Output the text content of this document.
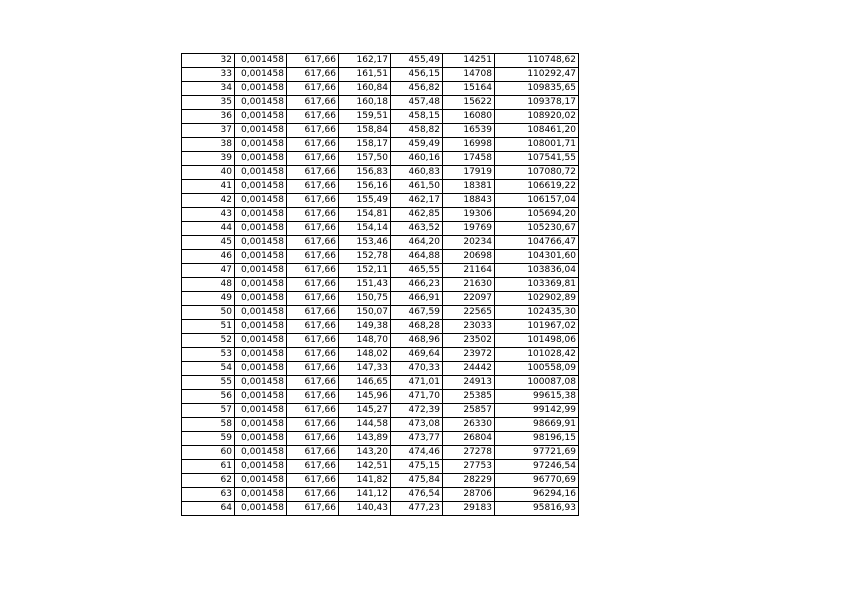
32	0,001458	617,66	162,17	455,49	14251	110748,62
33	0,001458	617,66	161,51	456,15	14708	110292,47
34	0,001458	617,66	160,84	456,82	15164	109835,65
35	0,001458	617,66	160,18	457,48	15622	109378,17
36	0,001458	617,66	159,51	458,15	16080	108920,02
37	0,001458	617,66	158,84	458,82	16539	108461,20
38	0,001458	617,66	158,17	459,49	16998	108001,71
39	0,001458	617,66	157,50	460,16	17458	107541,55
40	0,001458	617,66	156,83	460,83	17919	107080,72
41	0,001458	617,66	156,16	461,50	18381	106619,22
42	0,001458	617,66	155,49	462,17	18843	106157,04
43	0,001458	617,66	154,81	462,85	19306	105694,20
44	0,001458	617,66	154,14	463,52	19769	105230,67
45	0,001458	617,66	153,46	464,20	20234	104766,47
46	0,001458	617,66	152,78	464,88	20698	104301,60
47	0,001458	617,66	152,11	465,55	21164	103836,04
48	0,001458	617,66	151,43	466,23	21630	103369,81
49	0,001458	617,66	150,75	466,91	22097	102902,89
50	0,001458	617,66	150,07	467,59	22565	102435,30
51	0,001458	617,66	149,38	468,28	23033	101967,02
52	0,001458	617,66	148,70	468,96	23502	101498,06
53	0,001458	617,66	148,02	469,64	23972	101028,42
54	0,001458	617,66	147,33	470,33	24442	100558,09
55	0,001458	617,66	146,65	471,01	24913	100087,08
56	0,001458	617,66	145,96	471,70	25385	99615,38
57	0,001458	617,66	145,27	472,39	25857	99142,99
58	0,001458	617,66	144,58	473,08	26330	98669,91
59	0,001458	617,66	143,89	473,77	26804	98196,15
60	0,001458	617,66	143,20	474,46	27278	97721,69
61	0,001458	617,66	142,51	475,15	27753	97246,54
62	0,001458	617,66	141,82	475,84	28229	96770,69
63	0,001458	617,66	141,12	476,54	28706	96294,16
64	0,001458	617,66	140,43	477,23	29183	95816,93
